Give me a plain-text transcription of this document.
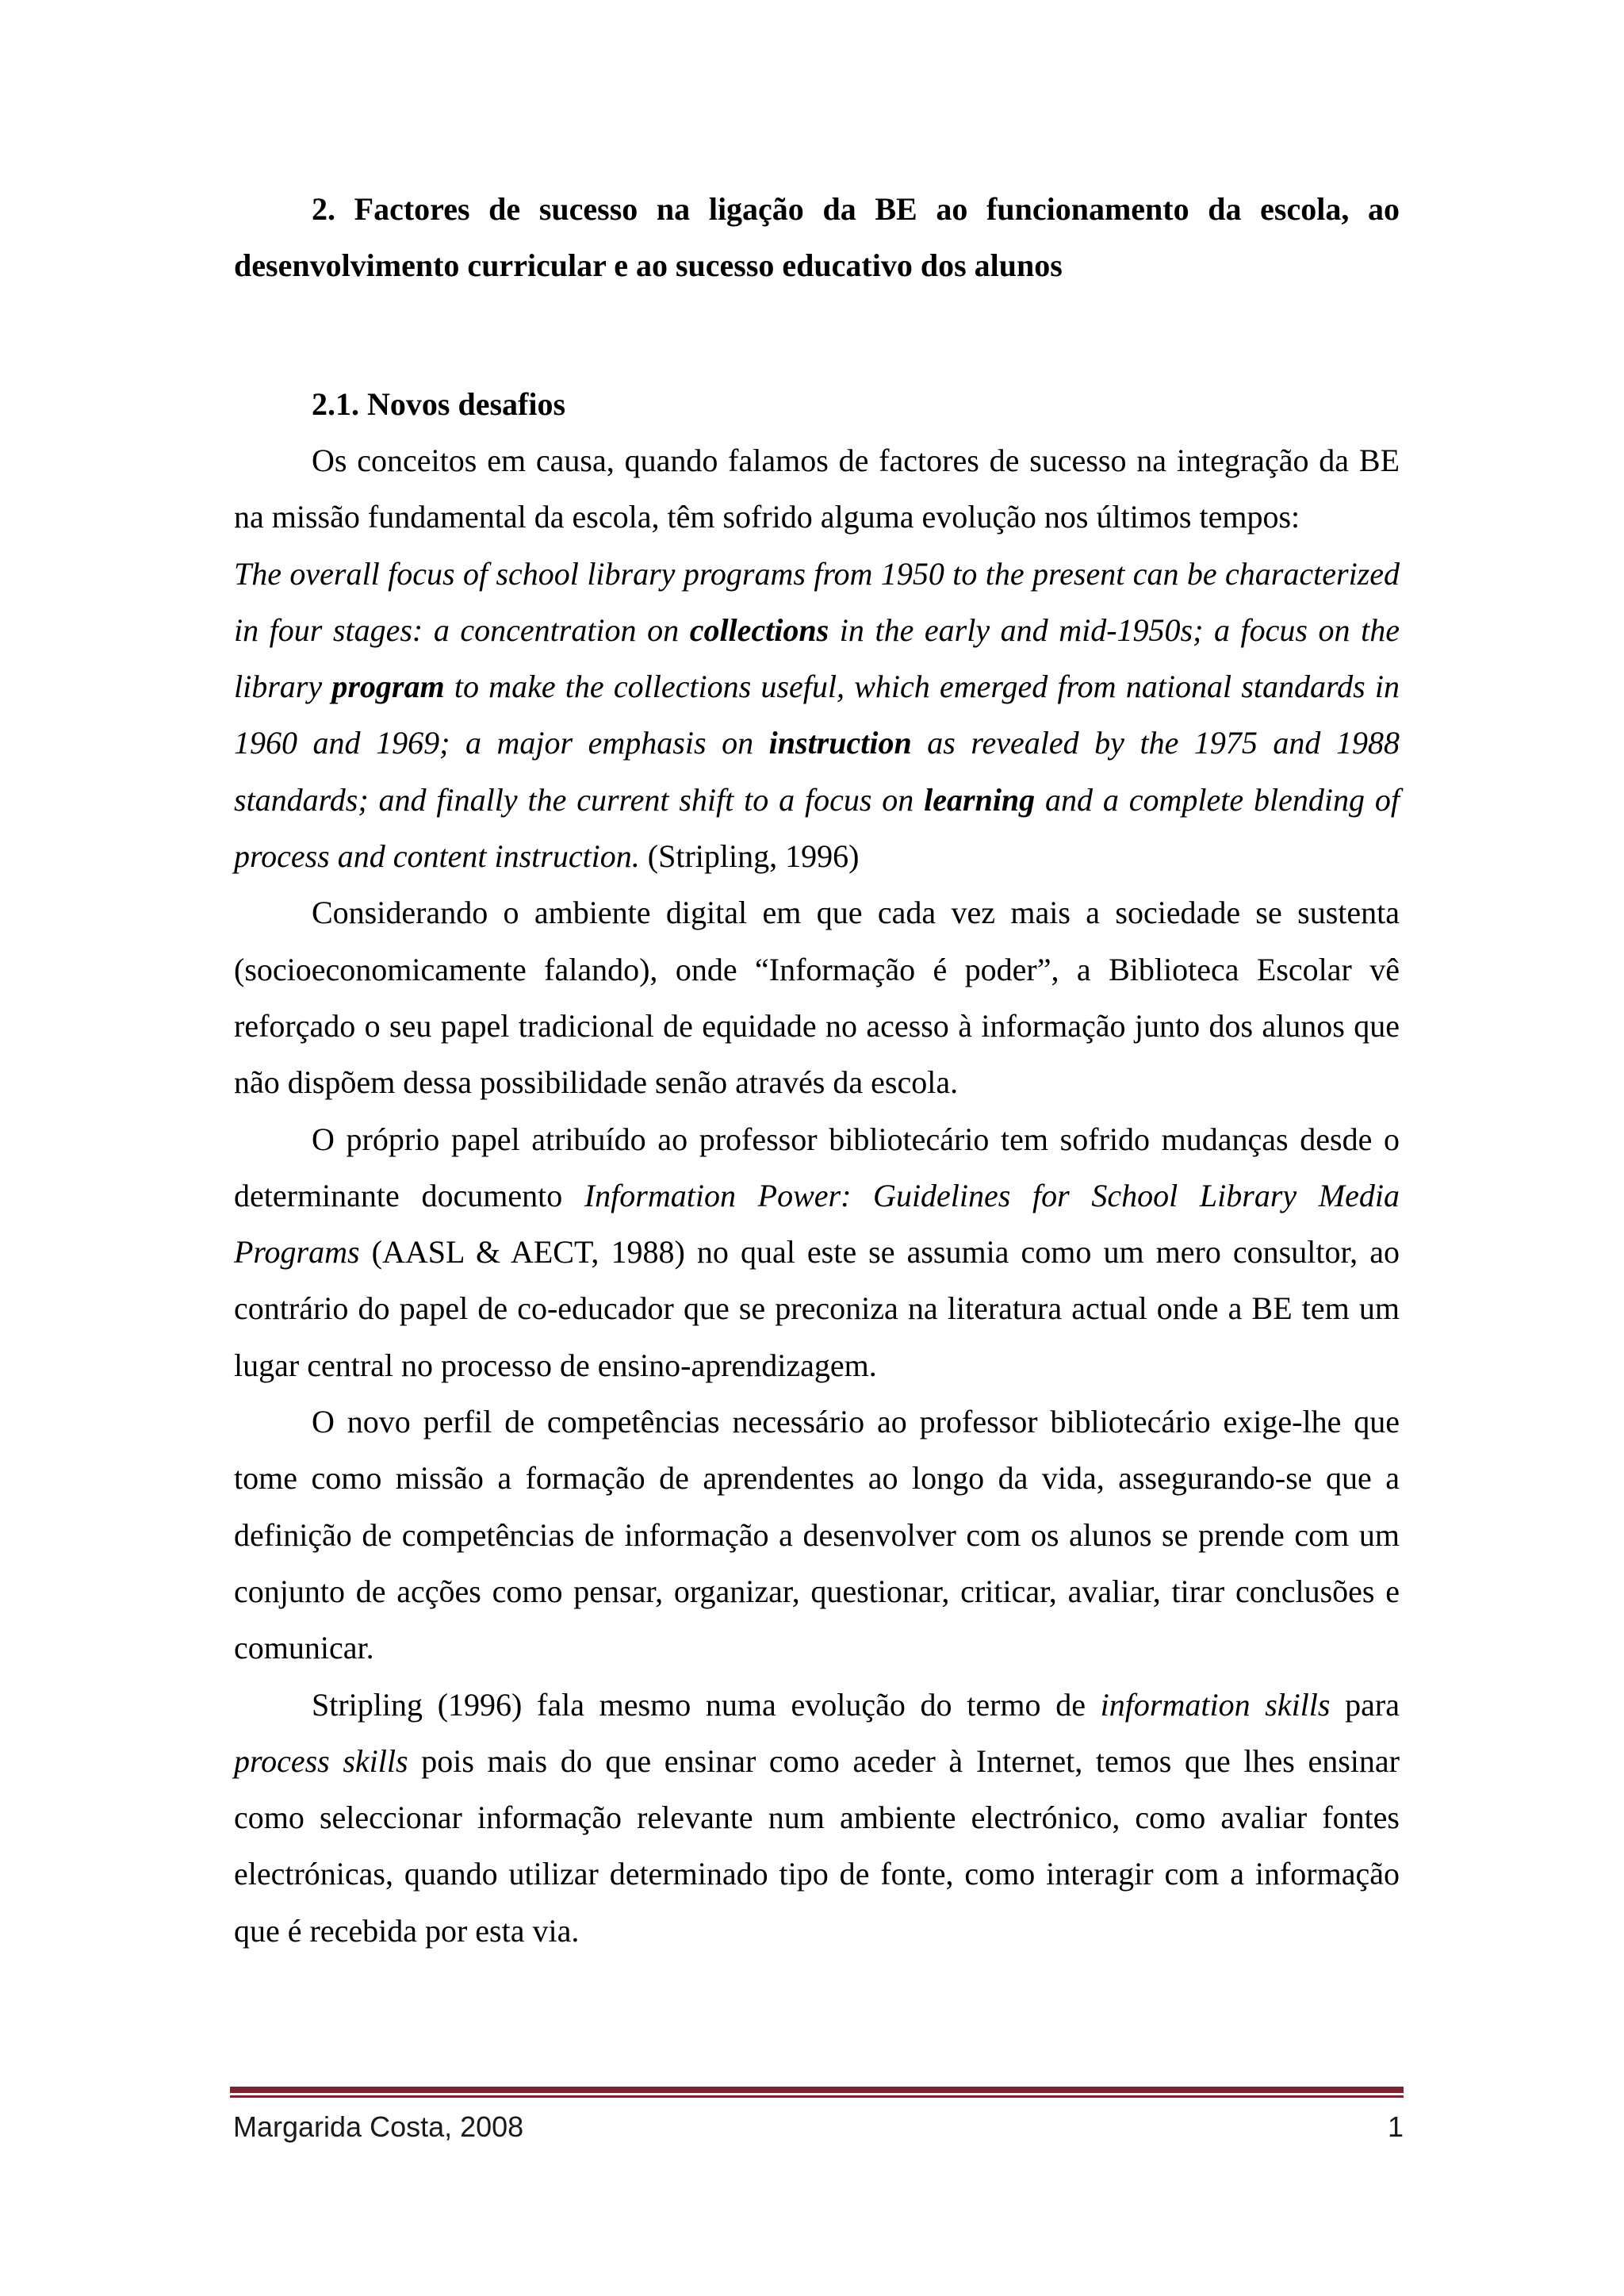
2. Factores de sucesso na ligação da BE ao funcionamento da escola, ao desenvolvimento curricular e ao sucesso educativo dos alunos

2.1. Novos desafios

Os conceitos em causa, quando falamos de factores de sucesso na integração da BE na missão fundamental da escola, têm sofrido alguma evolução nos últimos tempos:

The overall focus of school library programs from 1950 to the present can be characterized in four stages: a concentration on collections in the early and mid-1950s; a focus on the library program to make the collections useful, which emerged from national standards in 1960 and 1969; a major emphasis on instruction as revealed by the 1975 and 1988 standards; and finally the current shift to a focus on learning and a complete blending of process and content instruction. (Stripling, 1996)

Considerando o ambiente digital em que cada vez mais a sociedade se sustenta (socioeconomicamente falando), onde “Informação é poder”, a Biblioteca Escolar vê reforçado o seu papel tradicional de equidade no acesso à informação junto dos alunos que não dispõem dessa possibilidade senão através da escola.

O próprio papel atribuído ao professor bibliotecário tem sofrido mudanças desde o determinante documento Information Power: Guidelines for School Library Media Programs (AASL & AECT, 1988) no qual este se assumia como um mero consultor, ao contrário do papel de co-educador que se preconiza na literatura actual onde a BE tem um lugar central no processo de ensino-aprendizagem.

O novo perfil de competências necessário ao professor bibliotecário exige-lhe que tome como missão a formação de aprendentes ao longo da vida, assegurando-se que a definição de competências de informação a desenvolver com os alunos se prende com um conjunto de acções como pensar, organizar, questionar, criticar, avaliar, tirar conclusões e comunicar.

Stripling (1996) fala mesmo numa evolução do termo de information skills para process skills pois mais do que ensinar como aceder à Internet, temos que lhes ensinar como seleccionar informação relevante num ambiente electrónico, como avaliar fontes electrónicas, quando utilizar determinado tipo de fonte, como interagir com a informação que é recebida por esta via.

Margarida Costa, 2008	1
